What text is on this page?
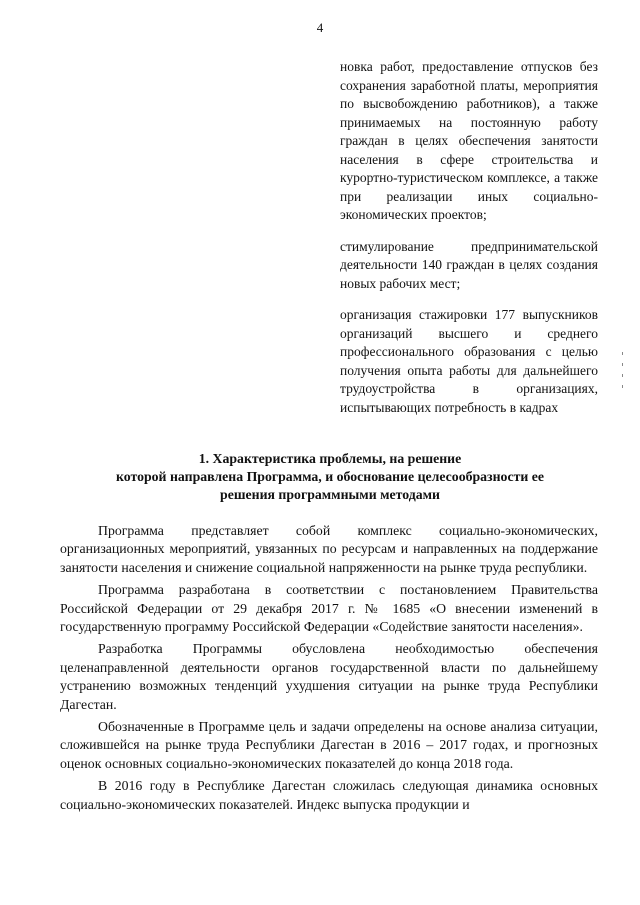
4

новка работ, предоставление отпусков без сохранения заработной платы, мероприятия по высвобождению работников), а также принимаемых на постоянную работу граждан в целях обеспечения занятости населения в сфере строительства и курортно-туристическом комплексе, а также при реализации иных социально-экономических проектов;

стимулирование предпринимательской деятельности 140 граждан в целях создания новых рабочих мест;

организация стажировки 177 выпускников организаций высшего и среднего профессионального образования с целью получения опыта работы для дальнейшего трудоустройства в организациях, испытывающих потребность в кадрах

1. Характеристика проблемы, на решение
которой направлена Программа, и обоснование целесообразности ее
решения программными методами

Программа представляет собой комплекс социально-экономических, организационных мероприятий, увязанных по ресурсам и направленных на поддержание занятости населения и снижение социальной напряженности на рынке труда республики.

Программа разработана в соответствии с постановлением Правительства Российской Федерации от 29 декабря 2017 г. № 1685 «О внесении изменений в государственную программу Российской Федерации «Содействие занятости населения».

Разработка Программы обусловлена необходимостью обеспечения целенаправленной деятельности органов государственной власти по дальнейшему устранению возможных тенденций ухудшения ситуации на рынке труда Республики Дагестан.

Обозначенные в Программе цель и задачи определены на основе анализа ситуации, сложившейся на рынке труда Республики Дагестан в 2016 – 2017 годах, и прогнозных оценок основных социально-экономических показателей до конца 2018 года.

В 2016 году в Республике Дагестан сложилась следующая динамика основных социально-экономических показателей. Индекс выпуска продукции и
